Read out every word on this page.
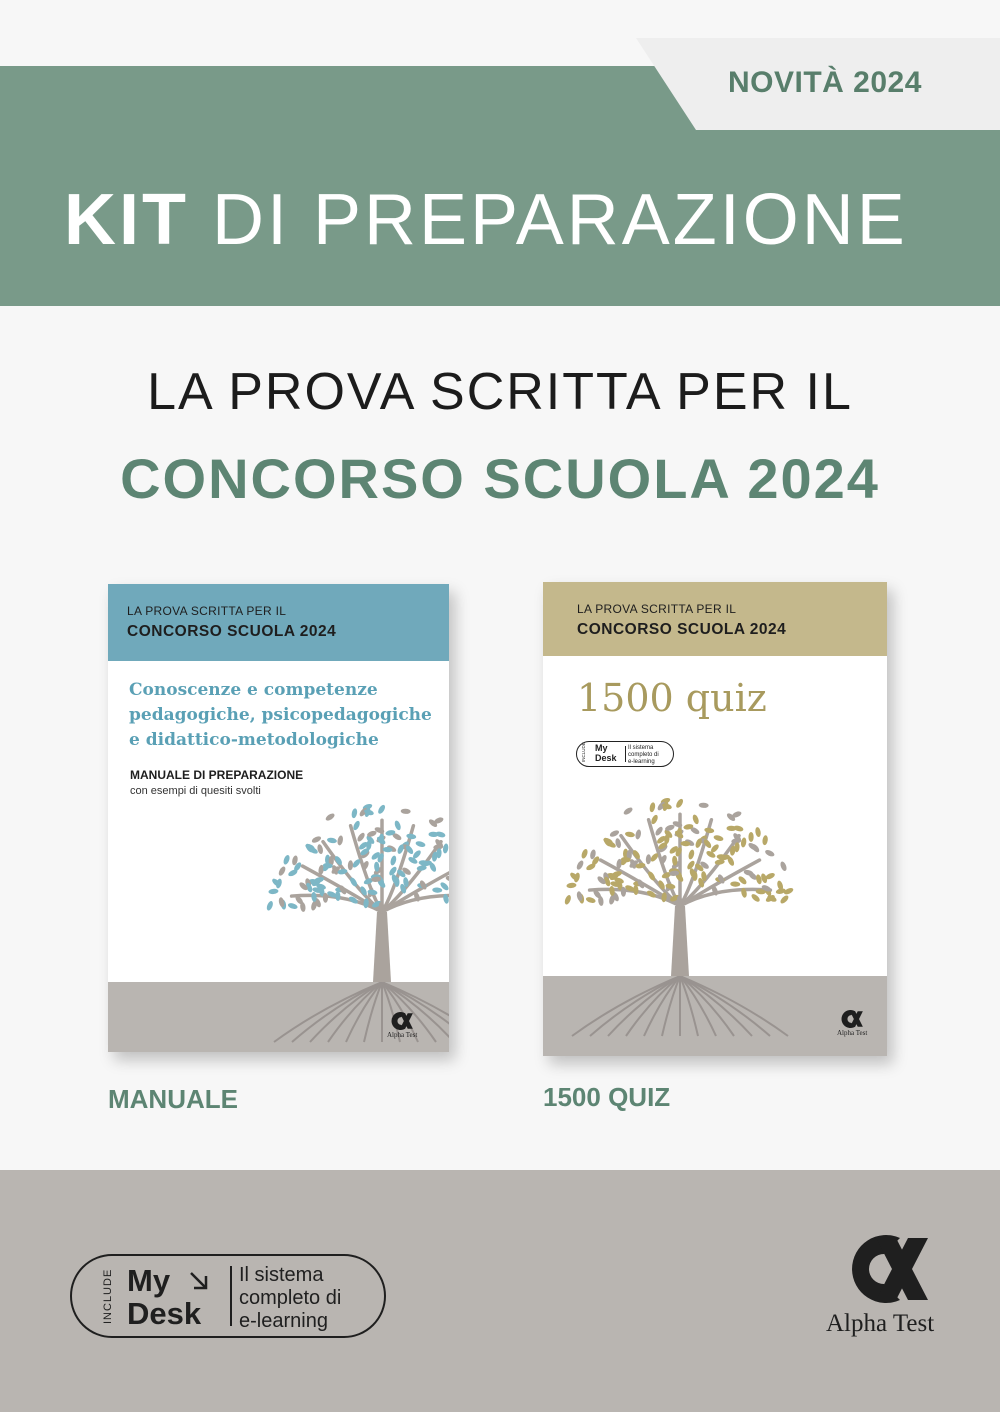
NOVITÀ 2024
KIT DI PREPARAZIONE
LA PROVA SCRITTA PER IL
CONCORSO SCUOLA 2024
LA PROVA SCRITTA PER IL
CONCORSO SCUOLA 2024
Conoscenze e competenze
pedagogiche, psicopedagogiche
e didattico-metodologiche
MANUALE DI PREPARAZIONE
con esempi di quesiti svolti
Alpha Test
LA PROVA SCRITTA PER IL
CONCORSO SCUOLA 2024
1500 quiz
INCLUDE My
Desk
Il sistema
completo di
e-learning
Alpha Test
MANUALE	1500 QUIZ
INCLUDE My
Desk
Il sistema
completo di
e-learning	Alpha Test
